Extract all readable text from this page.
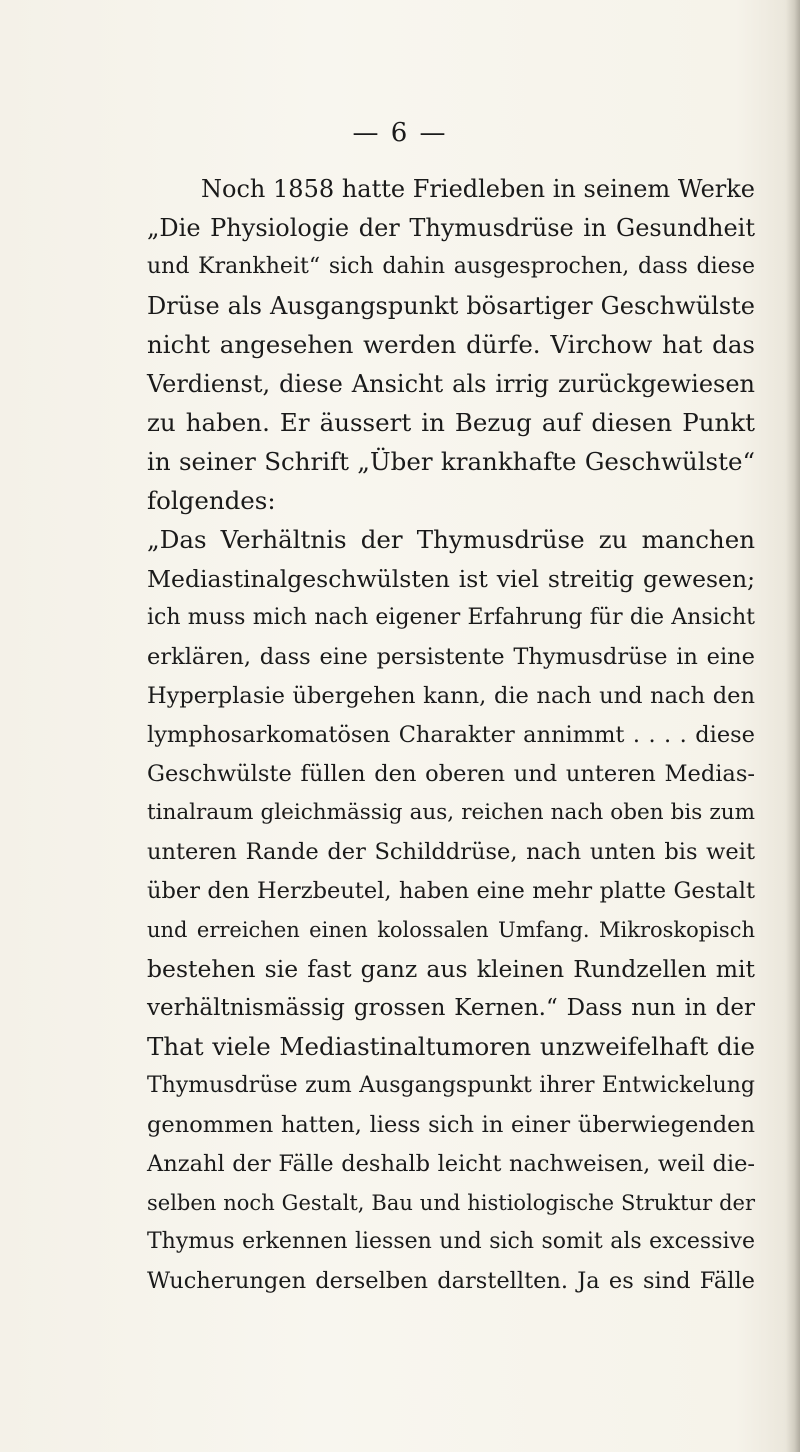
— 6 —
Noch 1858 hatte Friedleben in seinem Werke
„Die Physiologie der Thymusdrüse in Gesundheit
und Krankheit“ sich dahin ausgesprochen, dass diese
Drüse als Ausgangspunkt bösartiger Geschwülste
nicht angesehen werden dürfe. Virchow hat das
Verdienst, diese Ansicht als irrig zurückgewiesen
zu haben. Er äussert in Bezug auf diesen Punkt
in seiner Schrift „Über krankhafte Geschwülste“
folgendes:
„Das Verhältnis der Thymusdrüse zu manchen
Mediastinalgeschwülsten ist viel streitig gewesen;
ich muss mich nach eigener Erfahrung für die Ansicht
erklären, dass eine persistente Thymusdrüse in eine
Hyperplasie übergehen kann, die nach und nach den
lymphosarkomatösen Charakter annimmt . . . . diese
Geschwülste füllen den oberen und unteren Medias-
tinalraum gleichmässig aus, reichen nach oben bis zum
unteren Rande der Schilddrüse, nach unten bis weit
über den Herzbeutel, haben eine mehr platte Gestalt
und erreichen einen kolossalen Umfang. Mikroskopisch
bestehen sie fast ganz aus kleinen Rundzellen mit
verhältnismässig grossen Kernen.“ Dass nun in der
That viele Mediastinaltumoren unzweifelhaft die
Thymusdrüse zum Ausgangspunkt ihrer Entwickelung
genommen hatten, liess sich in einer überwiegenden
Anzahl der Fälle deshalb leicht nachweisen, weil die-
selben noch Gestalt, Bau und histiologische Struktur der
Thymus erkennen liessen und sich somit als excessive
Wucherungen derselben darstellten. Ja es sind Fälle
